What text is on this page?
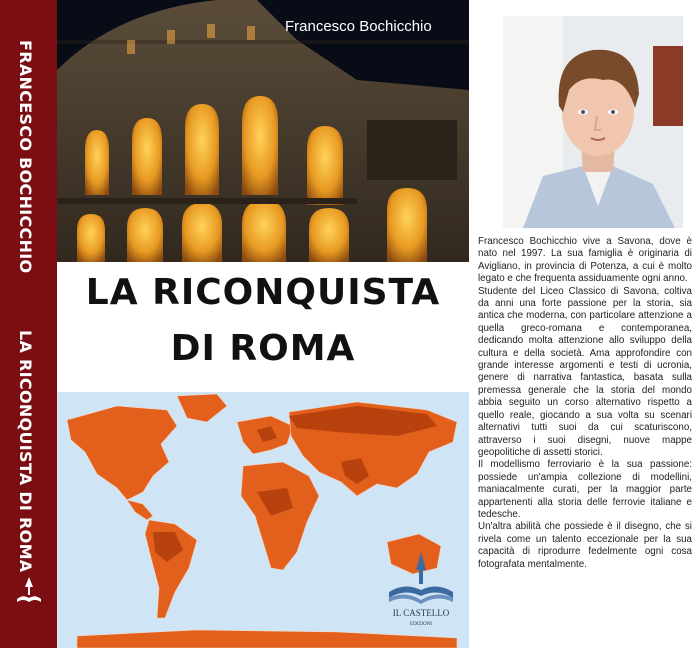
FRANCESCO BOCHICCHIO
LA RICONQUISTA DI ROMA
Francesco Bochicchio
LA RICONQUISTA
DI ROMA
IL CASTELLO
EDIZIONI

Francesco Bochicchio vive a Savona, dove è nato nel 1997. La sua famiglia è originaria di Avigliano, in provincia di Potenza, a cui è molto legato e che frequenta assiduamente ogni anno.

Studente del Liceo Classico di Savona, coltiva da anni una forte passione per la storia, sia antica che moderna, con particolare attenzione a quella greco-romana e contemporanea, dedicando molta attenzione allo sviluppo della cultura e della società. Ama approfondire con grande interesse argomenti e testi di ucronia, genere di narrativa fantastica, basata sulla premessa generale che la storia del mondo abbia seguito un corso alternativo rispetto a quello reale, giocando a sua volta su scenari alternativi tutti suoi da cui scaturiscono, attraverso i suoi disegni, nuove mappe geopolitiche di assetti storici.

Il modellismo ferroviario è la sua passione: possiede un'ampia collezione di modellini, maniacalmente curati, per la maggior parte appartenenti alla storia delle ferrovie italiane e tedesche.

Un'altra abilità che possiede è il disegno, che si rivela come un talento eccezionale per la sua capacità di riprodurre fedelmente ogni cosa fotografata mentalmente.
